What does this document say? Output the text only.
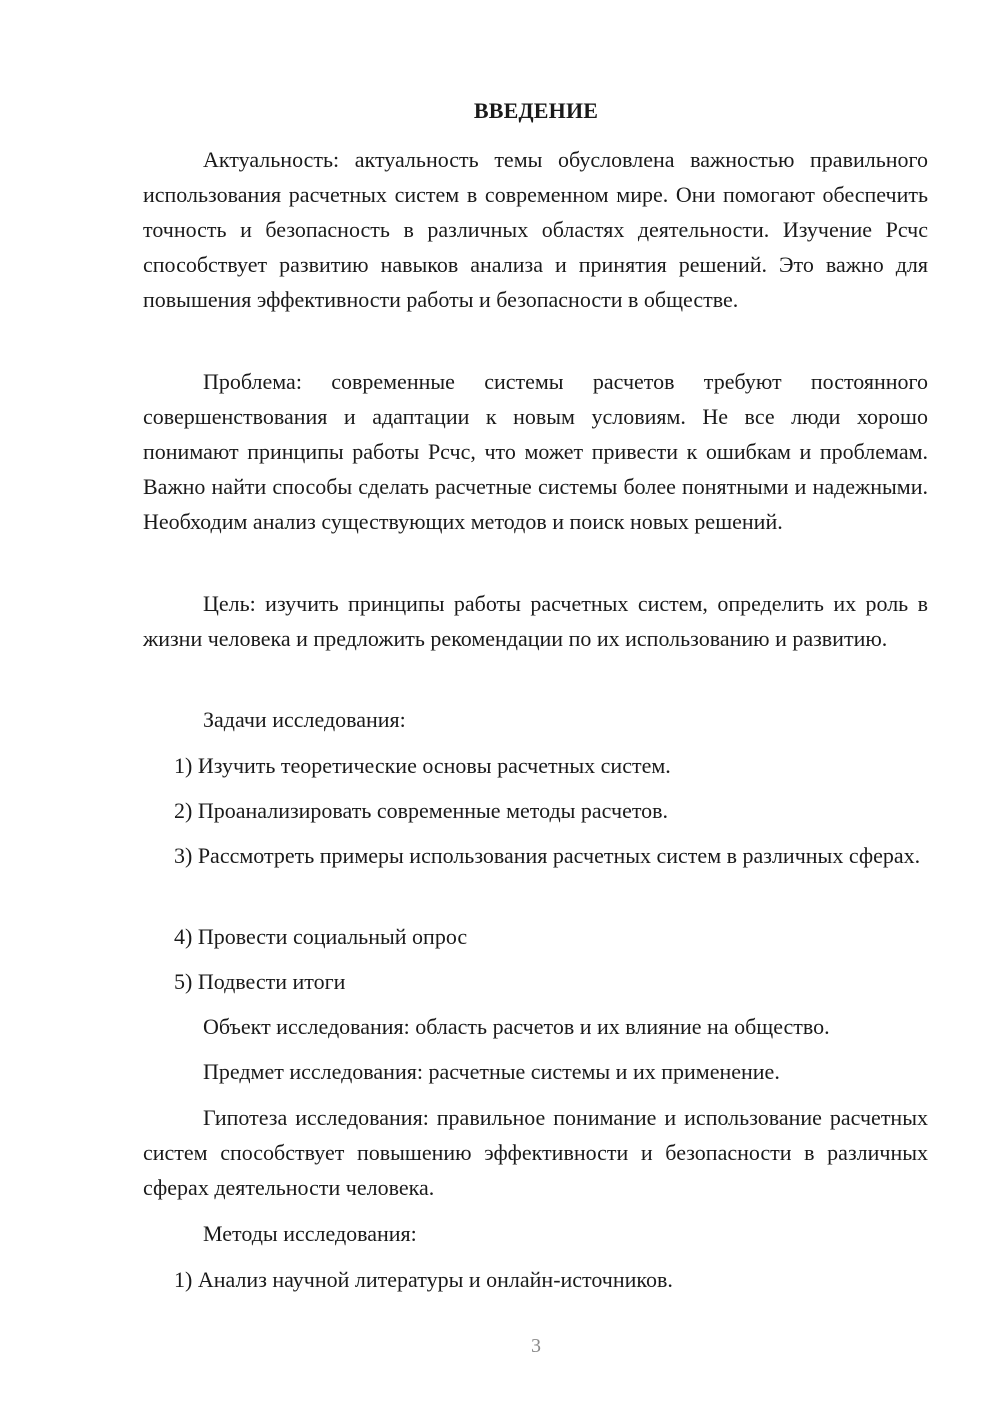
ВВЕДЕНИЕ

Актуальность: актуальность темы обусловлена важностью правильного использования расчетных систем в современном мире. Они помогают обеспечить точность и безопасность в различных областях деятельности. Изучение Рсчс способствует развитию навыков анализа и принятия решений. Это важно для повышения эффективности работы и безопасности в обществе.

Проблема: современные системы расчетов требуют постоянного совершенствования и адаптации к новым условиям. Не все люди хорошо понимают принципы работы Рсчс, что может привести к ошибкам и проблемам. Важно найти способы сделать расчетные системы более понятными и надежными. Необходим анализ существующих методов и поиск новых решений.

Цель: изучить принципы работы расчетных систем, определить их роль в жизни человека и предложить рекомендации по их использованию и развитию.

Задачи исследования:

1) Изучить теоретические основы расчетных систем.

2) Проанализировать современные методы расчетов.

3) Рассмотреть примеры использования расчетных систем в различных сферах.

4) Провести социальный опрос

5) Подвести итоги

Объект исследования: область расчетов и их влияние на общество.

Предмет исследования: расчетные системы и их применение.

Гипотеза исследования: правильное понимание и использование расчетных систем способствует повышению эффективности и безопасности в различных сферах деятельности человека.

Методы исследования:

1) Анализ научной литературы и онлайн-источников.

3
